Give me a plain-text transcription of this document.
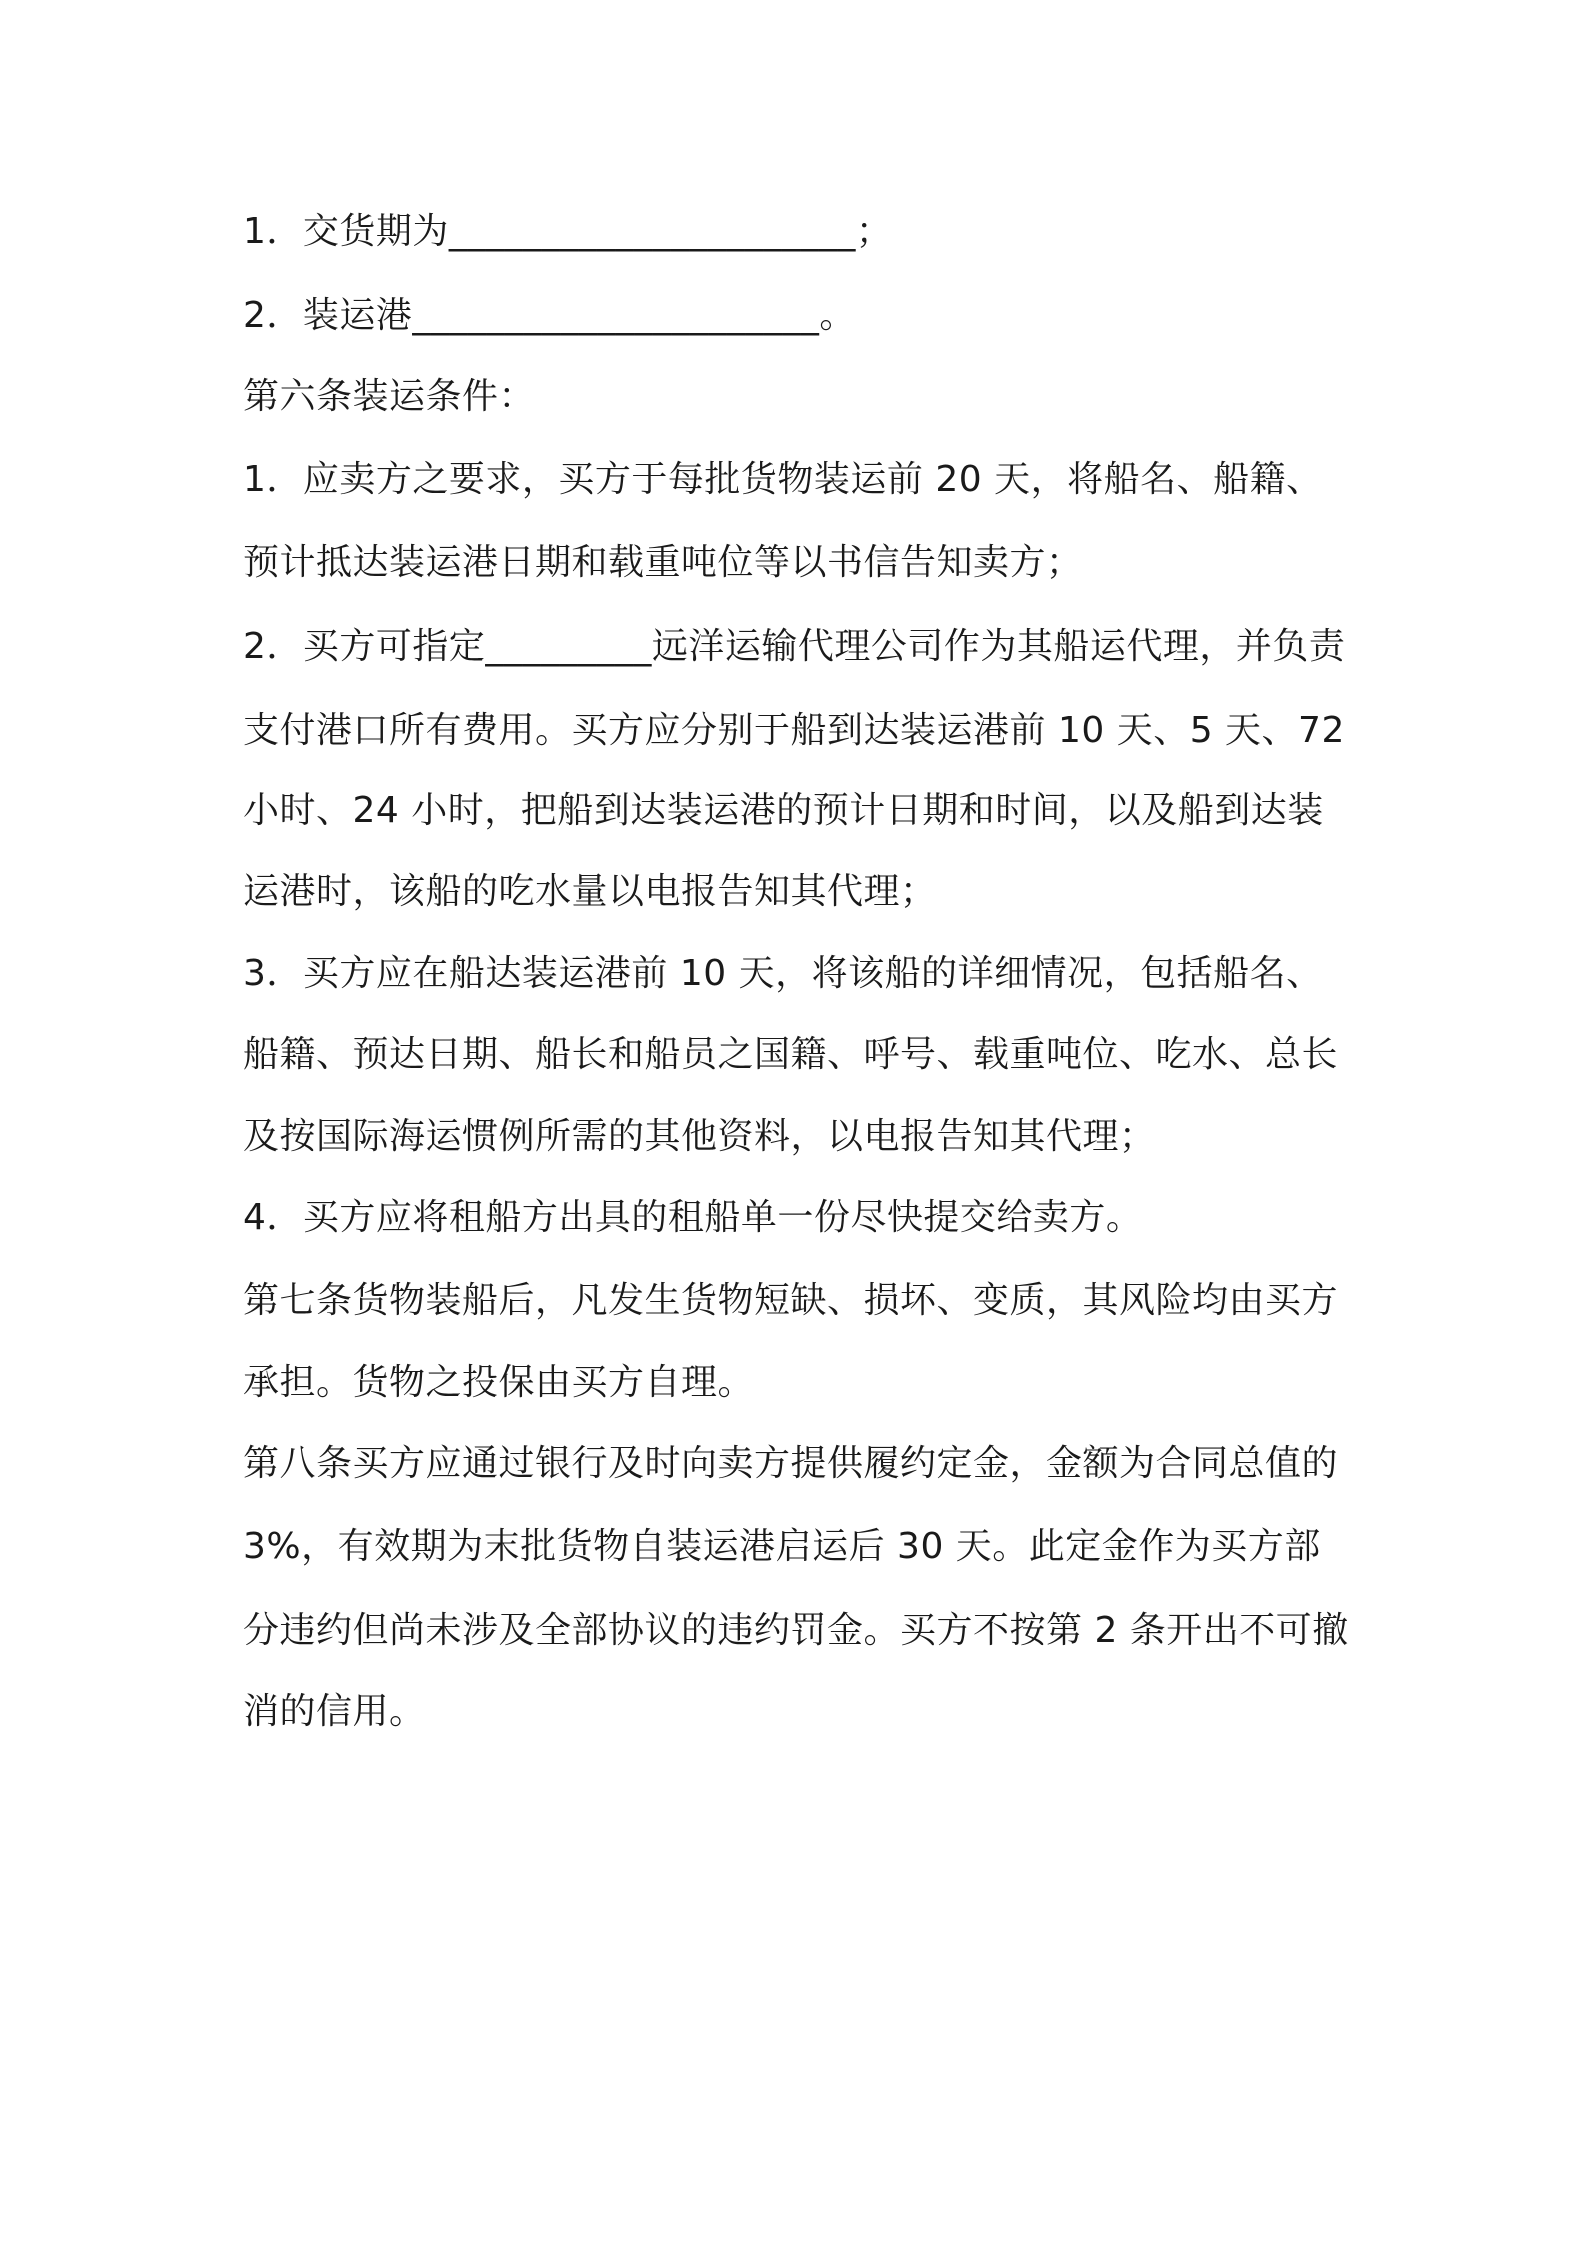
1．交货期为______________________；
2．装运港______________________。
第六条装运条件：
1．应卖方之要求，买方于每批货物装运前 20 天，将船名、船籍、
预计抵达装运港日期和载重吨位等以书信告知卖方；
2．买方可指定_________远洋运输代理公司作为其船运代理，并负责
支付港口所有费用。买方应分别于船到达装运港前 10 天、5 天、72
小时、24 小时，把船到达装运港的预计日期和时间，以及船到达装
运港时，该船的吃水量以电报告知其代理；
3．买方应在船达装运港前 10 天，将该船的详细情况，包括船名、
船籍、预达日期、船长和船员之国籍、呼号、载重吨位、吃水、总长
及按国际海运惯例所需的其他资料，以电报告知其代理；
4．买方应将租船方出具的租船单一份尽快提交给卖方。
第七条货物装船后，凡发生货物短缺、损坏、变质，其风险均由买方
承担。货物之投保由买方自理。
第八条买方应通过银行及时向卖方提供履约定金，金额为合同总值的
3%，有效期为末批货物自装运港启运后 30 天。此定金作为买方部
分违约但尚未涉及全部协议的违约罚金。买方不按第 2 条开出不可撤
消的信用。
